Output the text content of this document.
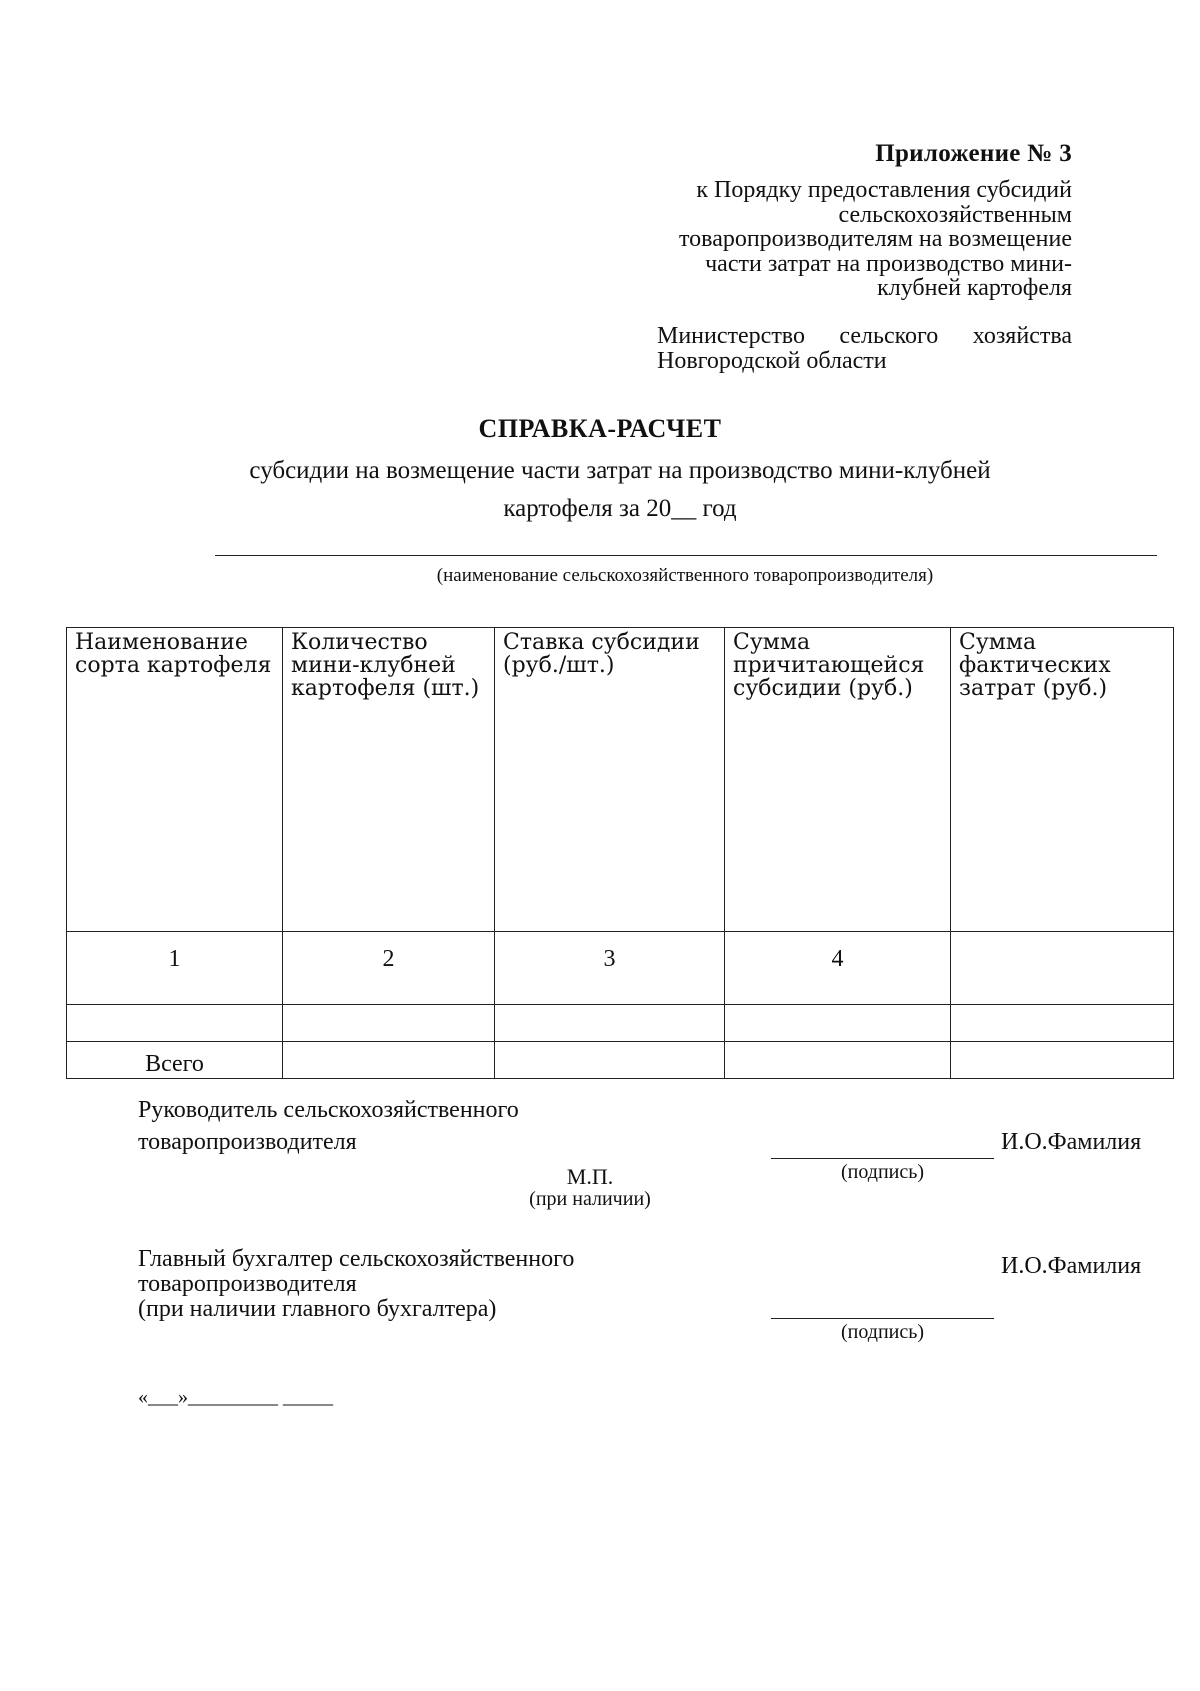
Приложение № 3

к Порядку предоставления субсидий сельскохозяйственным товаропроизводителям на возмещение части затрат на производство мини-клубней картофеля

Министерство сельского хозяйства Новгородской области

СПРАВКА-РАСЧЕТ

субсидии на возмещение части затрат на производство мини-клубней картофеля за 20__ год

(наименование сельскохозяйственного товаропроизводителя)
Наименование сорта картофеля	Количество мини-клубней картофеля (шт.)	Ставка субсидии (руб./шт.)	Сумма причитающейся субсидии (руб.)	Сумма фактических затрат (руб.)

1	2	3	4	

Всего				

Руководитель сельскохозяйственного
товаропроизводителя	И.О.Фамилия
(подпись)
М.П.
(при наличии)
Главный бухгалтер сельскохозяйственного
товаропроизводителя
(при наличии главного бухгалтера)
И.О.Фамилия
(подпись)
«___»_________ _____
